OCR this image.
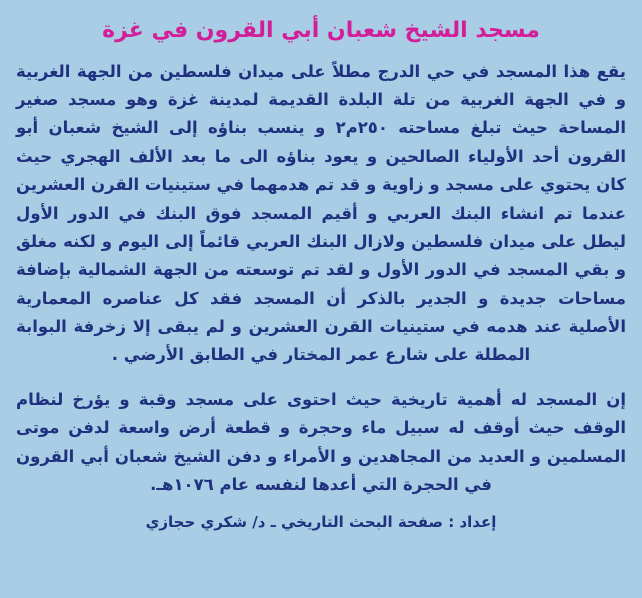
مسجد الشيخ شعبان أبي القرون في غزة

يقع هذا المسجد في حي الدرج مطلاً على ميدان فلسطين من الجهة الغربية و في الجهة الغربية من تلة البلدة القديمة لمدينة غزة وهو مسجد صغير المساحة حيث تبلغ مساحته ٢٥٠م٢ و ينسب بناؤه إلى الشيخ شعبان أبو القرون أحد الأولياء الصالحين و يعود بناؤه الى ما بعد الألف الهجري حيث كان يحتوي على مسجد و زاوية و قد تم هدمهما في ستينيات القرن العشرين عندما تم انشاء البنك العربي و أقيم المسجد فوق البنك في الدور الأول ليطل على ميدان فلسطين ولازال البنك العربي قائماً إلى اليوم و لكنه مغلق و بقي المسجد في الدور الأول و لقد تم توسعته من الجهة الشمالية بإضافة مساحات جديدة و الجدير بالذكر أن المسجد فقد كل عناصره المعمارية الأصلية عند هدمه في ستينيات القرن العشرين و لم يبقى إلا زخرفة البوابة المطلة على شارع عمر المختار في الطابق الأرضي .

إن المسجد له أهمية تاريخية حيث احتوى على مسجد وقبة و يؤرخ لنظام الوقف حيث أوقف له سبيل ماء وحجرة و قطعة أرض واسعة لدفن موتى المسلمين و العديد من المجاهدين و الأمراء و دفن الشيخ شعبان أبي القرون في الحجرة التي أعدها لنفسه عام ١٠٧٦هـ.

إعداد : صفحة البحث التاريخي ـ د/ شكري حجازي
